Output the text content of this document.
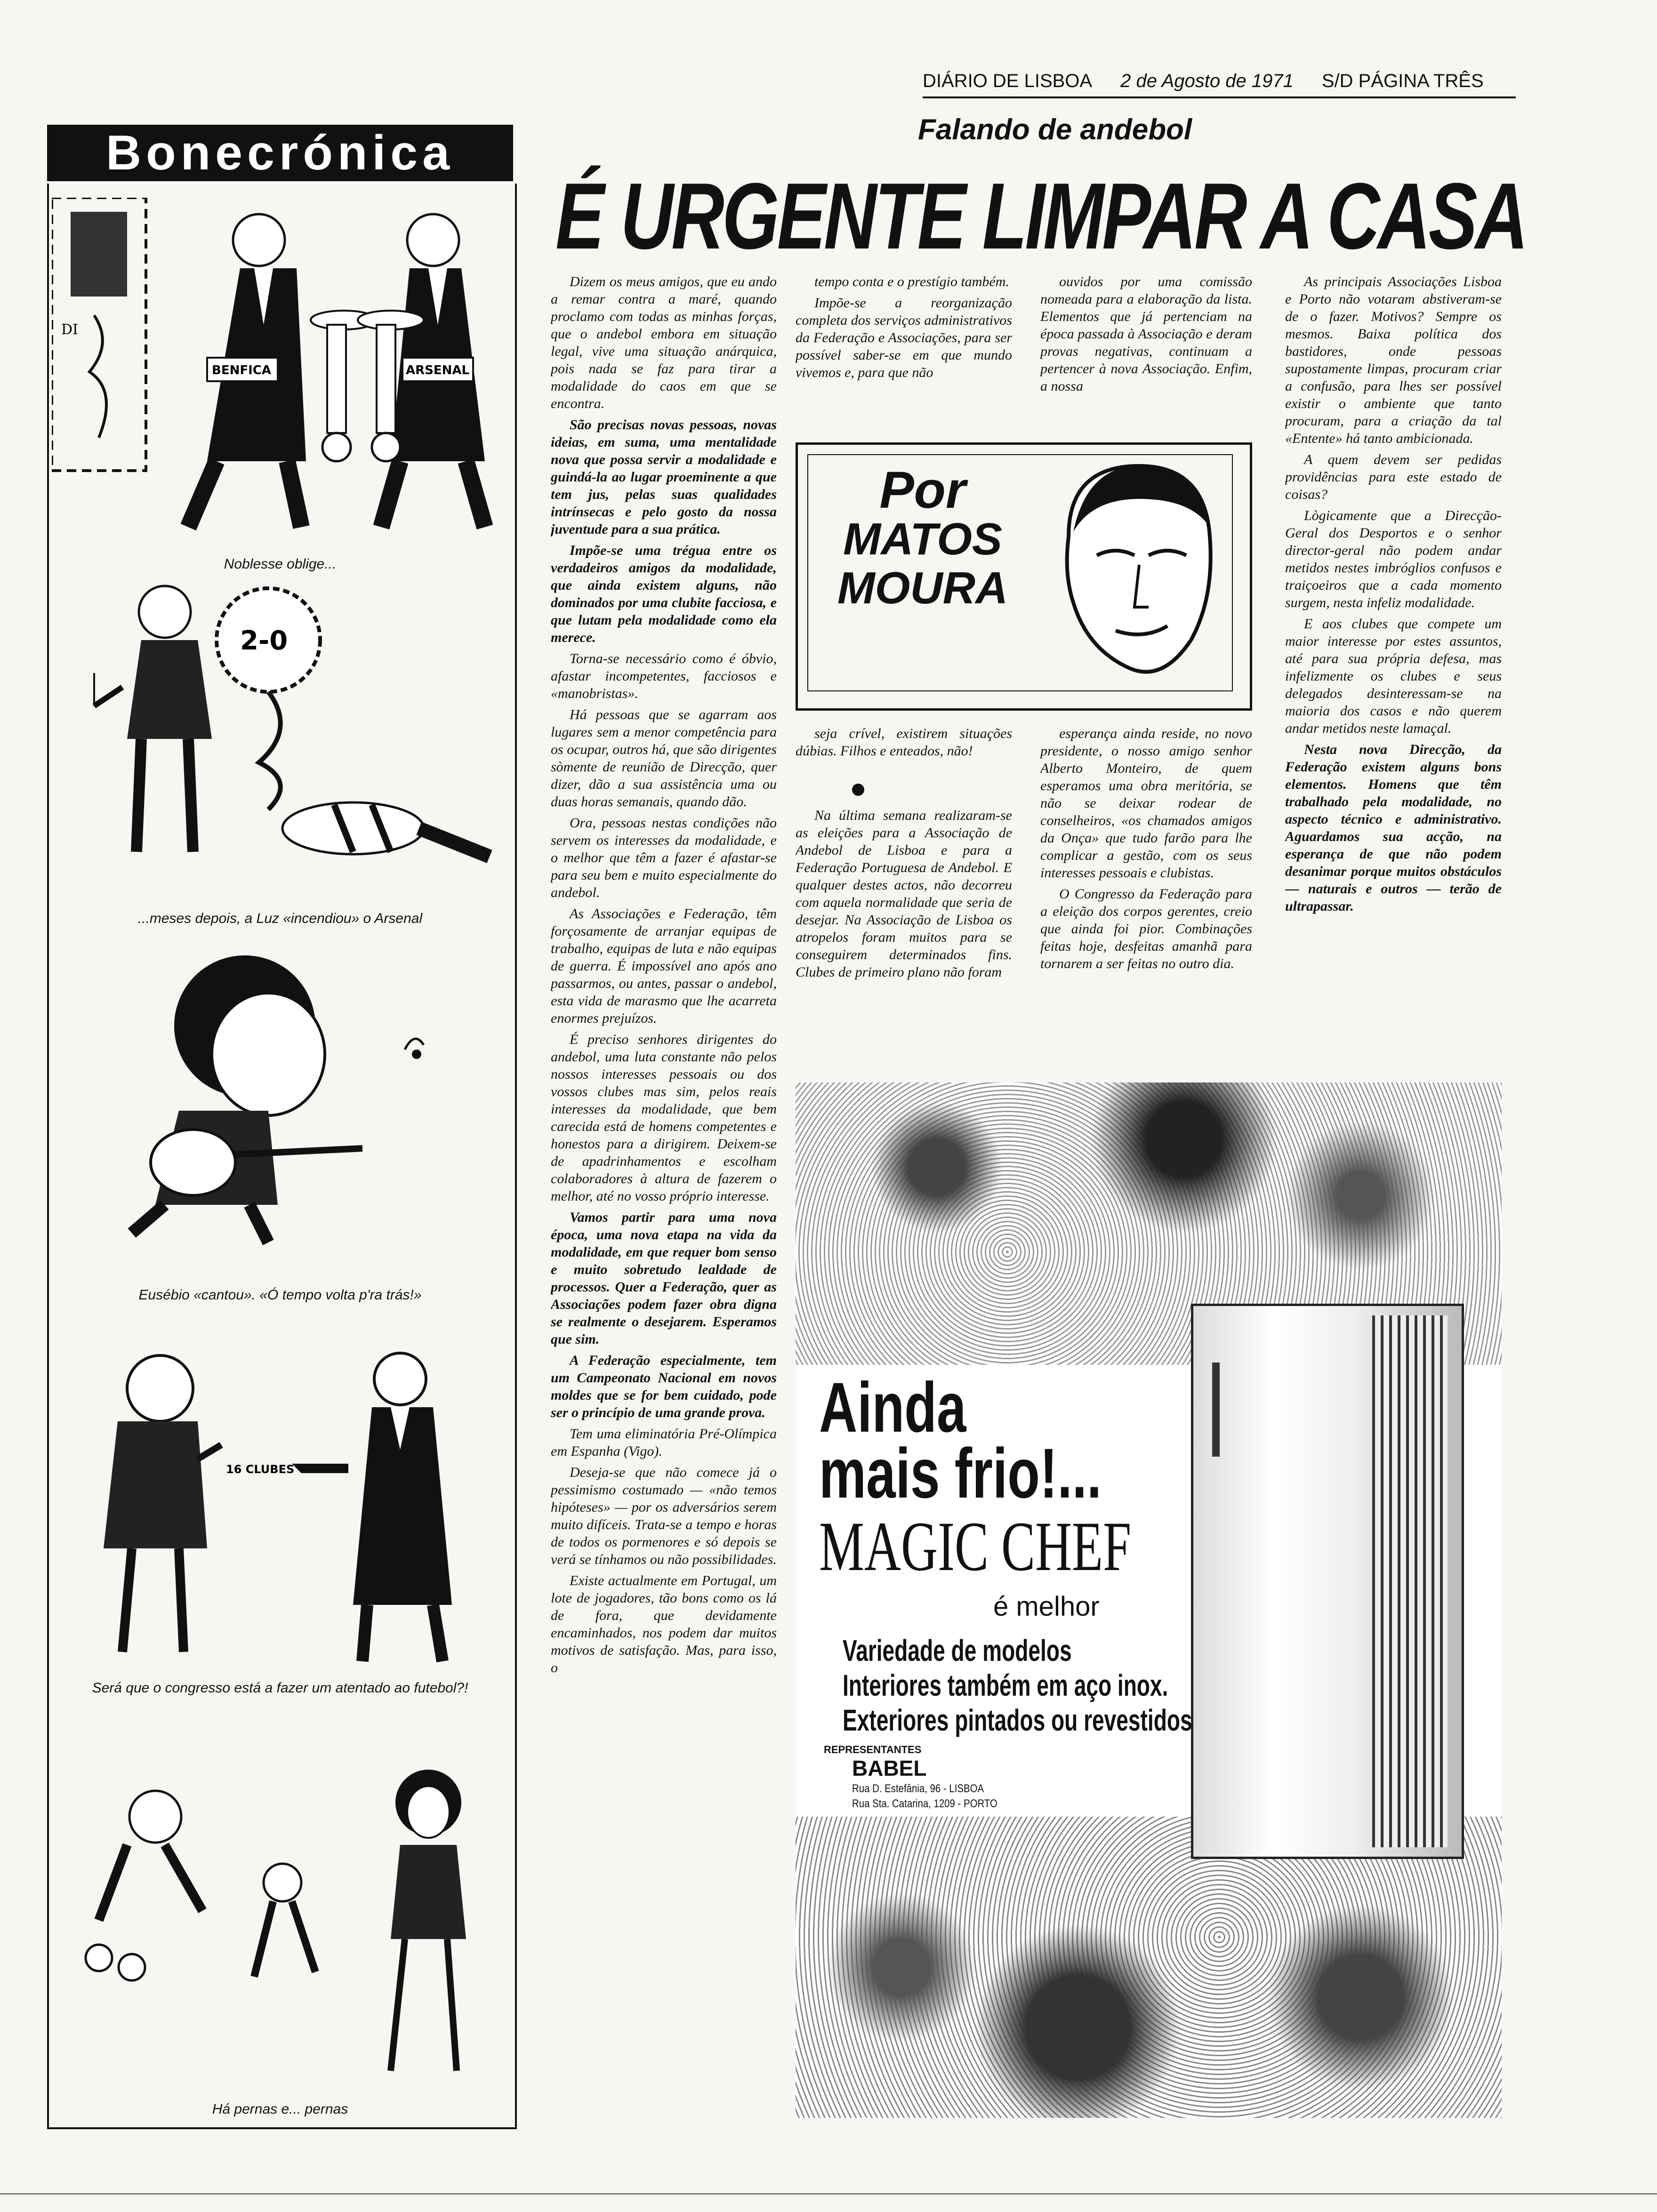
DIÁRIO DE LISBOA 2 de Agosto de 1971 S/D PÁGINA TRÊS
Bonecrónica
DI
BENFICA	ARSENAL
Noblesse oblige...
2-0
...meses depois, a Luz «incendiou» o Arsenal
Eusébio «cantou». «Ó tempo volta p'ra trás!»
16 CLUBES
Será que o congresso está a fazer um atentado ao futebol?!
Há pernas e... pernas
Falando de andebol
É URGENTE LIMPAR A CASA

Dizem os meus amigos, que eu ando a remar contra a maré, quando proclamo com todas as minhas forças, que o andebol embora em situação legal, vive uma situação anárquica, pois nada se faz para tirar a modalidade do caos em que se encontra.

São precisas novas pessoas, novas ideias, em suma, uma mentalidade nova que possa servir a modalidade e guindá-la ao lugar proeminente a que tem jus, pelas suas qualidades intrínsecas e pelo gosto da nossa juventude para a sua prática.

Impõe-se uma trégua entre os verdadeiros amigos da modalidade, que ainda existem alguns, não dominados por uma clubite facciosa, e que lutam pela modalidade como ela merece.

Torna-se necessário como é óbvio, afastar incompetentes, facciosos e «manobristas».

Há pessoas que se agarram aos lugares sem a menor competência para os ocupar, outros há, que são dirigentes sòmente de reunião de Direcção, quer dizer, dão a sua assistência uma ou duas horas semanais, quando dão.

Ora, pessoas nestas condições não servem os interesses da modalidade, e o melhor que têm a fazer é afastar-se para seu bem e muito especialmente do andebol.

As Associações e Federação, têm forçosamente de arranjar equipas de trabalho, equipas de luta e não equipas de guerra. É impossível ano após ano passarmos, ou antes, passar o andebol, esta vida de marasmo que lhe acarreta enormes prejuízos.

É preciso senhores dirigentes do andebol, uma luta constante não pelos nossos interesses pessoais ou dos vossos clubes mas sim, pelos reais interesses da modalidade, que bem carecida está de homens competentes e honestos para a dirigirem. Deixem-se de apadrinhamentos e escolham colaboradores à altura de fazerem o melhor, até no vosso próprio interesse.

Vamos partir para uma nova época, uma nova etapa na vida da modalidade, em que requer bom senso e muito sobretudo lealdade de processos. Quer a Federação, quer as Associações podem fazer obra digna se realmente o desejarem. Esperamos que sim.

A Federação especialmente, tem um Campeonato Nacional em novos moldes que se for bem cuidado, pode ser o princípio de uma grande prova.

Tem uma eliminatória Pré-Olímpica em Espanha (Vigo).

Deseja-se que não comece já o pessimismo costumado — «não temos hipóteses» — por os adversários serem muito difíceis. Trata-se a tempo e horas de todos os pormenores e só depois se verá se tínhamos ou não possibilidades.

Existe actualmente em Portugal, um lote de jogadores, tão bons como os lá de fora, que devidamente encaminhados, nos podem dar muitos motivos de satisfação. Mas, para isso, o

tempo conta e o prestígio também.

Impõe-se a reorganização completa dos serviços administrativos da Federação e Associações, para ser possível saber-se em que mundo vivemos e, para que não

ouvidos por uma comissão nomeada para a elaboração da lista. Elementos que já pertenciam na época passada à Associação e deram provas negativas, continuam a pertencer à nova Associação. Enfim, a nossa

Por
MATOS
MOURA

seja crível, existirem situações dúbias. Filhos e enteados, não!

Na última semana realizaram-se as eleições para a Associação de Andebol de Lisboa e para a Federação Portuguesa de Andebol. E qualquer destes actos, não decorreu com aquela normalidade que seria de desejar. Na Associação de Lisboa os atropelos foram muitos para se conseguirem determinados fins. Clubes de primeiro plano não foram

esperança ainda reside, no novo presidente, o nosso amigo senhor Alberto Monteiro, de quem esperamos uma obra meritória, se não se deixar rodear de conselheiros, «os chamados amigos da Onça» que tudo farão para lhe complicar a gestão, com os seus interesses pessoais e clubistas.

O Congresso da Federação para a eleição dos corpos gerentes, creio que ainda foi pior. Combinações feitas hoje, desfeitas amanhã para tornarem a ser feitas no outro dia.

As principais Associações Lisboa e Porto não votaram abstiveram-se de o fazer. Motivos? Sempre os mesmos. Baixa política dos bastidores, onde pessoas supostamente limpas, procuram criar a confusão, para lhes ser possível existir o ambiente que tanto procuram, para a criação da tal «Entente» há tanto ambicionada.

A quem devem ser pedidas providências para este estado de coisas?

Lògicamente que a Direcção-Geral dos Desportos e o senhor director-geral não podem andar metidos nestes imbróglios confusos e traiçoeiros que a cada momento surgem, nesta infeliz modalidade.

E aos clubes que compete um maior interesse por estes assuntos, até para sua própria defesa, mas infelizmente os clubes e seus delegados desinteressam-se na maioria dos casos e não querem andar metidos neste lamaçal.

Nesta nova Direcção, da Federação existem alguns bons elementos. Homens que têm trabalhado pela modalidade, no aspecto técnico e administrativo. Aguardamos sua acção, na esperança de que não podem desanimar porque muitos obstáculos — naturais e outros — terão de ultrapassar.

Ainda
mais frio!...
MAGIC CHEF
é melhor
Variedade de modelos
Interiores também em aço inox.
Exteriores pintados ou revestidos
REPRESENTANTES
BABEL
Rua D. Estefânia, 96 - LISBOA
Rua Sta. Catarina, 1209 - PORTO
